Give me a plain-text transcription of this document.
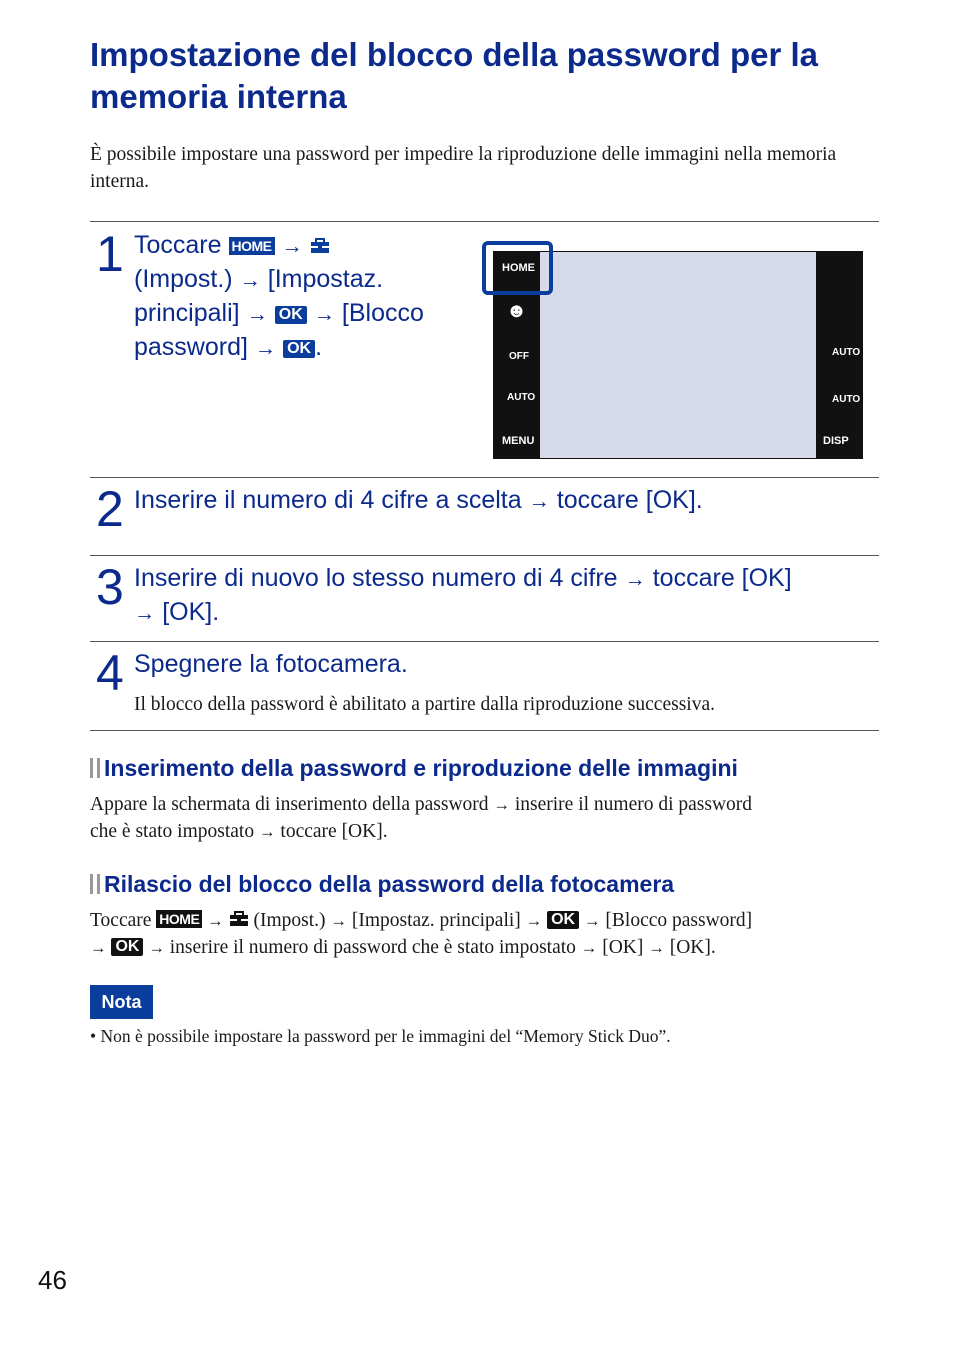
Impostazione del blocco della password per la memoria interna
È possibile impostare una password per impedire la riproduzione delle immagini nella memoria interna.
1 Toccare HOME →
(Impost.) → [Impostaz.
principali] → OK → [Blocco
password] → OK .
HOME
☻
OFF
AUTO
MENU
AUTO
AUTO
DISP
2 Inserire il numero di 4 cifre a scelta → toccare [OK].
3 Inserire di nuovo lo stesso numero di 4 cifre → toccare [OK]
→ [OK].
4 Spegnere la fotocamera.
Il blocco della password è abilitato a partire dalla riproduzione successiva.
Inserimento della password e riproduzione delle immagini
Appare la schermata di inserimento della password → inserire il numero di password
che è stato impostato → toccare [OK].
Rilascio del blocco della password della fotocamera
Toccare HOME → (Impost.) → [Impostaz. principali] → OK → [Blocco password]
→ OK → inserire il numero di password che è stato impostato → [OK] → [OK].
Nota
• Non è possibile impostare la password per le immagini del “Memory Stick Duo”.
46
